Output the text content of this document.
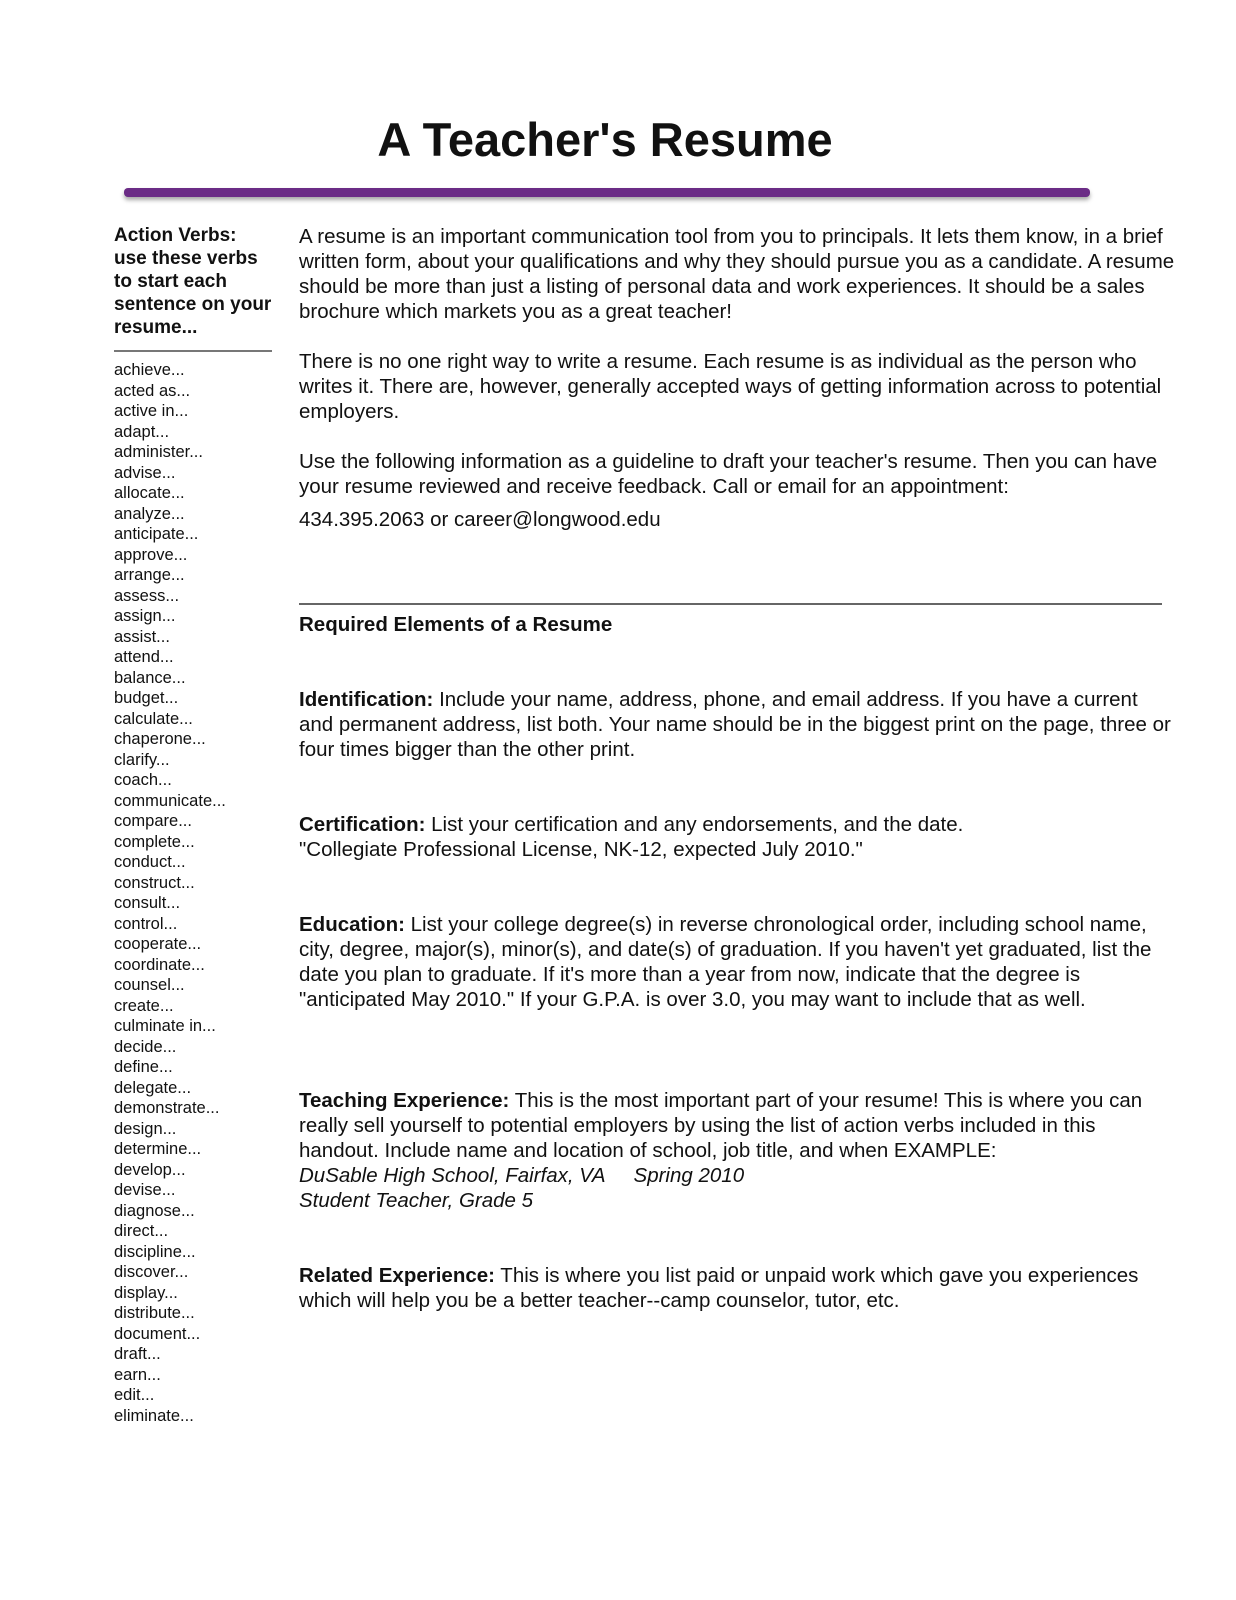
A Teacher's Resume

Action Verbs: use these verbs to start each sentence on your resume...

achieve...
acted as...
active in...
adapt...
administer...
advise...
allocate...
analyze...
anticipate...
approve...
arrange...
assess...
assign...
assist...
attend...
balance...
budget...
calculate...
chaperone...
clarify...
coach...
communicate...
compare...
complete...
conduct...
construct...
consult...
control...
cooperate...
coordinate...
counsel...
create...
culminate in...
decide...
define...
delegate...
demonstrate...
design...
determine...
develop...
devise...
diagnose...
direct...
discipline...
discover...
display...
distribute...
document...
draft...
earn...
edit...
eliminate...

A resume is an important communication tool from you to principals. It lets them know, in a brief written form, about your qualifications and why they should pursue you as a candidate. A resume should be more than just a listing of personal data and work experiences. It should be a sales brochure which markets you as a great teacher!

There is no one right way to write a resume. Each resume is as individual as the person who writes it. There are, however, generally accepted ways of getting information across to potential employers.

Use the following information as a guideline to draft your teacher's resume. Then you can have your resume reviewed and receive feedback. Call or email for an appointment:

434.395.2063 or career@longwood.edu

Required Elements of a Resume

Identification: Include your name, address, phone, and email address. If you have a current and permanent address, list both. Your name should be in the biggest print on the page, three or four times bigger than the other print.

Certification: List your certification and any endorsements, and the date.
"Collegiate Professional License, NK-12, expected July 2010."

Education: List your college degree(s) in reverse chronological order, including school name, city, degree, major(s), minor(s), and date(s) of graduation. If you haven't yet graduated, list the date you plan to graduate. If it's more than a year from now, indicate that the degree is "anticipated May 2010." If your G.P.A. is over 3.0, you may want to include that as well.

Teaching Experience: This is the most important part of your resume! This is where you can really sell yourself to potential employers by using the list of action verbs included in this handout. Include name and location of school, job title, and when EXAMPLE:
DuSable High School, Fairfax, VA Spring 2010
Student Teacher, Grade 5

Related Experience: This is where you list paid or unpaid work which gave you experiences which will help you be a better teacher--camp counselor, tutor, etc.
